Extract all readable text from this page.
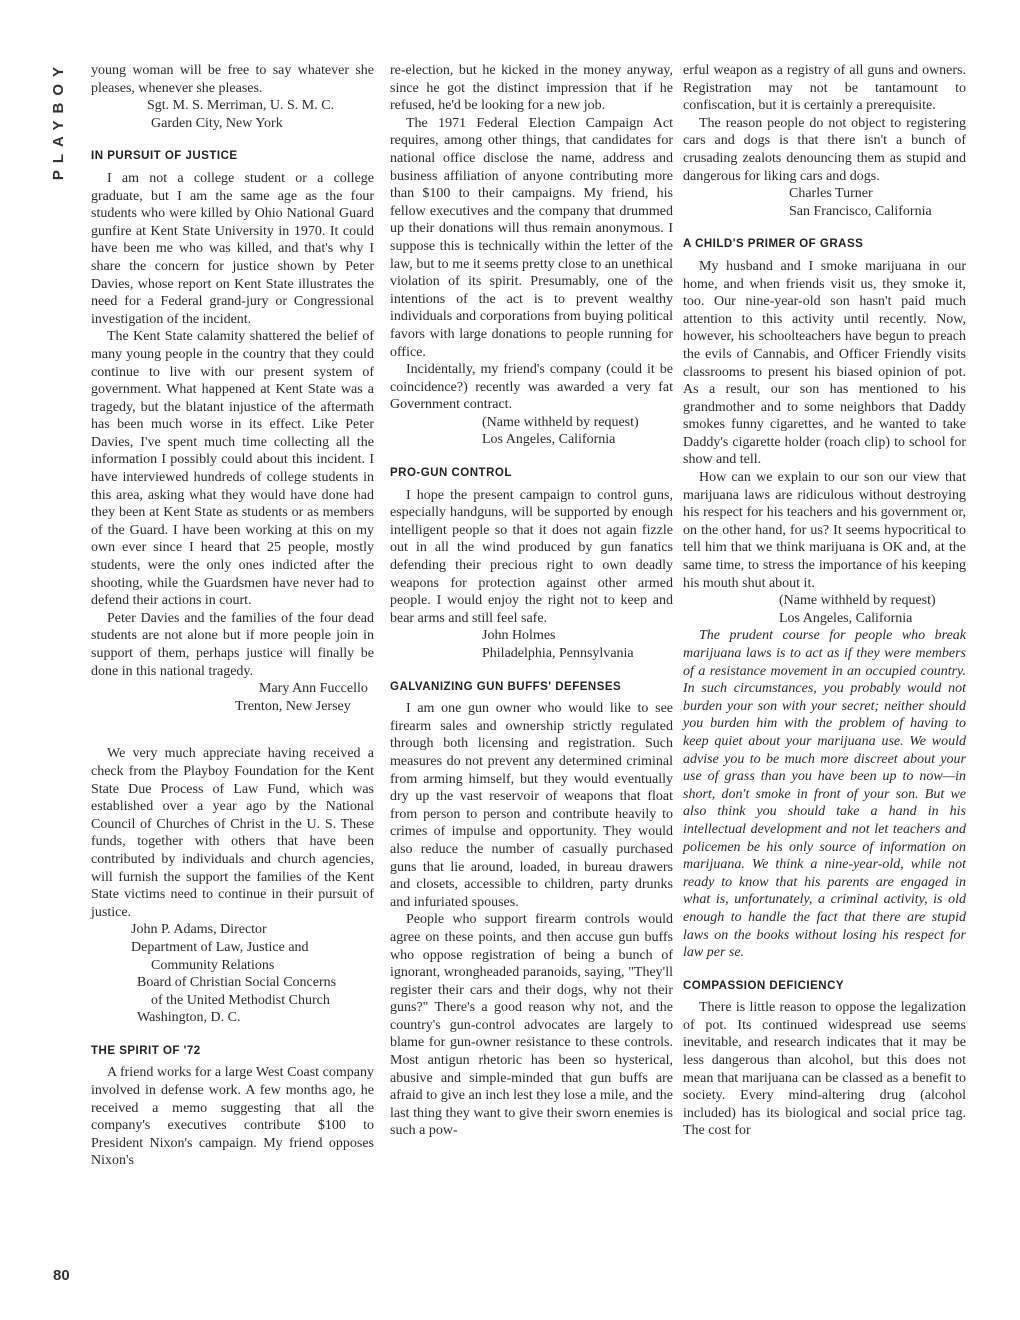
PLAYBOY
80

young woman will be free to say whatever she pleases, whenever she pleases.

Sgt. M. S. Merriman, U. S. M. C.

Garden City, New York

IN PURSUIT OF JUSTICE

I am not a college student or a college graduate, but I am the same age as the four students who were killed by Ohio National Guard gunfire at Kent State University in 1970. It could have been me who was killed, and that's why I share the concern for justice shown by Peter Davies, whose report on Kent State illustrates the need for a Federal grand-jury or Congressional investigation of the incident.

The Kent State calamity shattered the belief of many young people in the country that they could continue to live with our present system of government. What happened at Kent State was a tragedy, but the blatant injustice of the aftermath has been much worse in its effect. Like Peter Davies, I've spent much time collecting all the information I possibly could about this incident. I have interviewed hundreds of college students in this area, asking what they would have done had they been at Kent State as students or as members of the Guard. I have been working at this on my own ever since I heard that 25 people, mostly students, were the only ones indicted after the shooting, while the Guardsmen have never had to defend their actions in court.

Peter Davies and the families of the four dead students are not alone but if more people join in support of them, perhaps justice will finally be done in this national tragedy.

Mary Ann Fuccello

Trenton, New Jersey

We very much appreciate having received a check from the Playboy Foundation for the Kent State Due Process of Law Fund, which was established over a year ago by the National Council of Churches of Christ in the U. S. These funds, together with others that have been contributed by individuals and church agencies, will furnish the support the families of the Kent State victims need to continue in their pursuit of justice.

John P. Adams, Director

Department of Law, Justice and

Community Relations

Board of Christian Social Concerns

of the United Methodist Church

Washington, D. C.

THE SPIRIT OF '72

A friend works for a large West Coast company involved in defense work. A few months ago, he received a memo suggesting that all the company's executives contribute $100 to President Nixon's campaign. My friend opposes Nixon's

re-election, but he kicked in the money anyway, since he got the distinct impression that if he refused, he'd be looking for a new job.

The 1971 Federal Election Campaign Act requires, among other things, that candidates for national office disclose the name, address and business affiliation of anyone contributing more than $100 to their campaigns. My friend, his fellow executives and the company that drummed up their donations will thus remain anonymous. I suppose this is technically within the letter of the law, but to me it seems pretty close to an unethical violation of its spirit. Presumably, one of the intentions of the act is to prevent wealthy individuals and corporations from buying political favors with large donations to people running for office.

Incidentally, my friend's company (could it be coincidence?) recently was awarded a very fat Government contract.

(Name withheld by request)

Los Angeles, California

PRO-GUN CONTROL

I hope the present campaign to control guns, especially handguns, will be supported by enough intelligent people so that it does not again fizzle out in all the wind produced by gun fanatics defending their precious right to own deadly weapons for protection against other armed people. I would enjoy the right not to keep and bear arms and still feel safe.

John Holmes

Philadelphia, Pennsylvania

GALVANIZING GUN BUFFS' DEFENSES

I am one gun owner who would like to see firearm sales and ownership strictly regulated through both licensing and registration. Such measures do not prevent any determined criminal from arming himself, but they would eventually dry up the vast reservoir of weapons that float from person to person and contribute heavily to crimes of impulse and opportunity. They would also reduce the number of casually purchased guns that lie around, loaded, in bureau drawers and closets, accessible to children, party drunks and infuriated spouses.

People who support firearm controls would agree on these points, and then accuse gun buffs who oppose registration of being a bunch of ignorant, wrongheaded paranoids, saying, "They'll register their cars and their dogs, why not their guns?" There's a good reason why not, and the country's gun-control advocates are largely to blame for gun-owner resistance to these controls. Most antigun rhetoric has been so hysterical, abusive and simple-minded that gun buffs are afraid to give an inch lest they lose a mile, and the last thing they want to give their sworn enemies is such a pow-

erful weapon as a registry of all guns and owners. Registration may not be tantamount to confiscation, but it is certainly a prerequisite.

The reason people do not object to registering cars and dogs is that there isn't a bunch of crusading zealots denouncing them as stupid and dangerous for liking cars and dogs.

Charles Turner

San Francisco, California

A CHILD'S PRIMER OF GRASS

My husband and I smoke marijuana in our home, and when friends visit us, they smoke it, too. Our nine-year-old son hasn't paid much attention to this activity until recently. Now, however, his schoolteachers have begun to preach the evils of Cannabis, and Officer Friendly visits classrooms to present his biased opinion of pot. As a result, our son has mentioned to his grandmother and to some neighbors that Daddy smokes funny cigarettes, and he wanted to take Daddy's cigarette holder (roach clip) to school for show and tell.

How can we explain to our son our view that marijuana laws are ridiculous without destroying his respect for his teachers and his government or, on the other hand, for us? It seems hypocritical to tell him that we think marijuana is OK and, at the same time, to stress the importance of his keeping his mouth shut about it.

(Name withheld by request)

Los Angeles, California

The prudent course for people who break marijuana laws is to act as if they were members of a resistance movement in an occupied country. In such circumstances, you probably would not burden your son with your secret; neither should you burden him with the problem of having to keep quiet about your marijuana use. We would advise you to be much more discreet about your use of grass than you have been up to now—in short, don't smoke in front of your son. But we also think you should take a hand in his intellectual development and not let teachers and policemen be his only source of information on marijuana. We think a nine-year-old, while not ready to know that his parents are engaged in what is, unfortunately, a criminal activity, is old enough to handle the fact that there are stupid laws on the books without losing his respect for law per se.

COMPASSION DEFICIENCY

There is little reason to oppose the legalization of pot. Its continued widespread use seems inevitable, and research indicates that it may be less dangerous than alcohol, but this does not mean that marijuana can be classed as a benefit to society. Every mind-altering drug (alcohol included) has its biological and social price tag. The cost for
